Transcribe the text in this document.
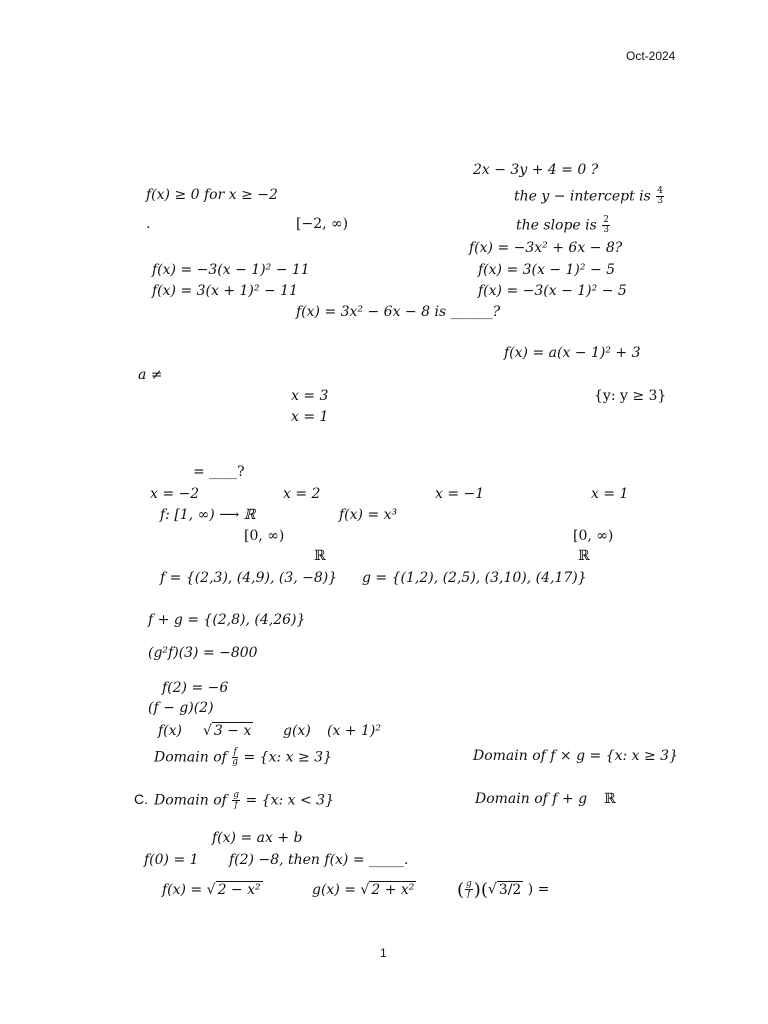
Oct-2024
2x − 3y + 4 = 0 ?
f(x) ≥ 0 for x ≥ −2	the y − intercept is $\frac{4}{3}$
.	[−2, ∞)	the slope is $\frac{2}{3}$
f(x) = −3x² + 6x − 8?
f(x) = −3(x − 1)² − 11	f(x) = 3(x − 1)² − 5
f(x) = 3(x + 1)² − 11	f(x) = −3(x − 1)² − 5
f(x) = 3x² − 6x − 8 is ______?
f(x) = a(x − 1)² + 3
a ≠
x = 3	{y: y ≥ 3}
x = 1
= ____?
x = −2	x = 2	x = −1	x = 1
f: [1, ∞) ⟶ ℝ	f(x) = x³
[0, ∞)	[0, ∞)
ℝ	ℝ
f = {(2,3), (4,9), (3, −8)} g = {(1,2), (2,5), (3,10), (4,17)}
f + g = {(2,8), (4,26)}
(g²f)(3) = −800
f(2) = −6
(f − g)(2)
f(x) √ 3 − x g(x) (x + 1)²
Domain of $\frac{f}{g} = \{x$: x ≥ 3}	Domain of f × g = {x: x ≥ 3}
C. Domain of $\frac{g}{f} = \{x$: x < 3}	Domain of f + g ℝ
f(x) = ax + b
f(0) = 1 f(2) −8, then f(x) = _____.
f(x) = √ 2 − x²	g(x) = √ 2 + x² ( $\frac{g}{f}$ )(√ 3/2 ) =
1
